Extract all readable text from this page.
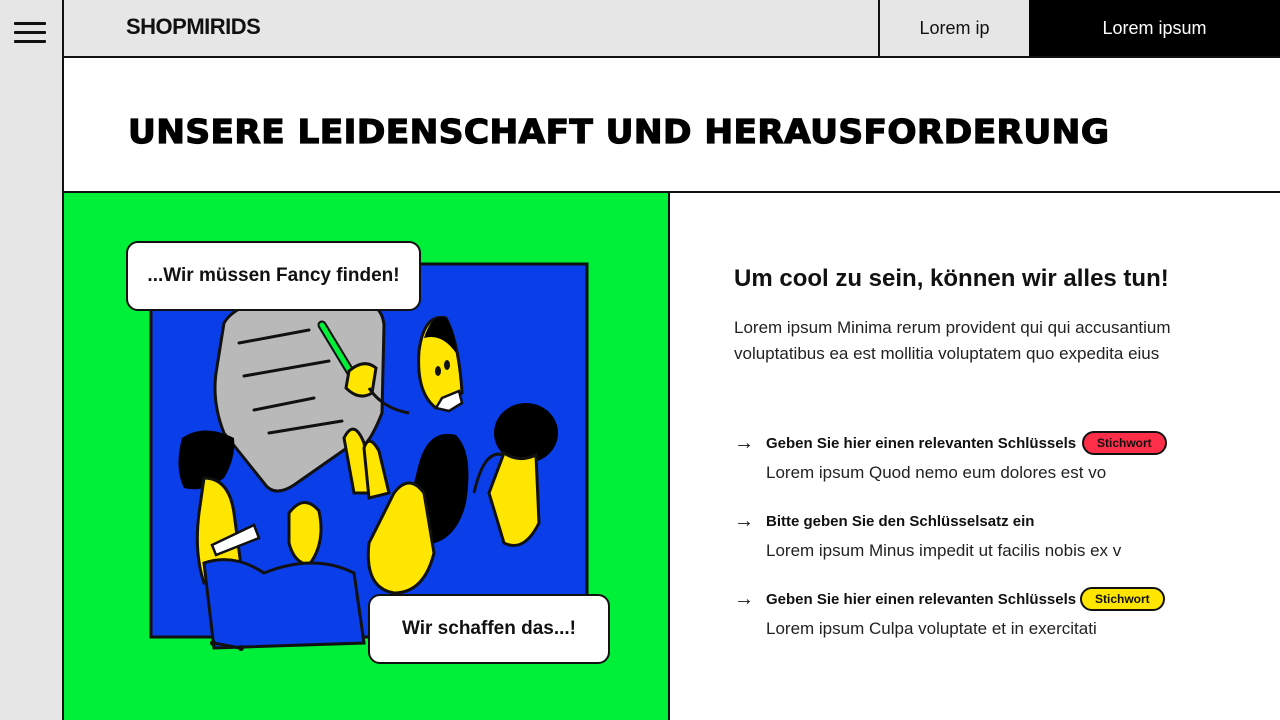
SHOPMIRIDS	Lorem ip	Lorem ipsum
UNSERE LEIDENSCHAFT UND HERAUSFORDERUNG
...Wir müssen Fancy finden!
Wir schaffen das...!
Um cool zu sein, können wir alles tun!

Lorem ipsum Minima rerum provident qui qui accusantium voluptatibus ea est mollitia voluptatem quo expedita eius

→ Geben Sie hier einen relevanten Schlüssels	Stichwort
Lorem ipsum Quod nemo eum dolores est vo
→ Bitte geben Sie den Schlüsselsatz ein
Lorem ipsum Minus impedit ut facilis nobis ex v
→ Geben Sie hier einen relevanten Schlüssels	Stichwort
Lorem ipsum Culpa voluptate et in exercitati
